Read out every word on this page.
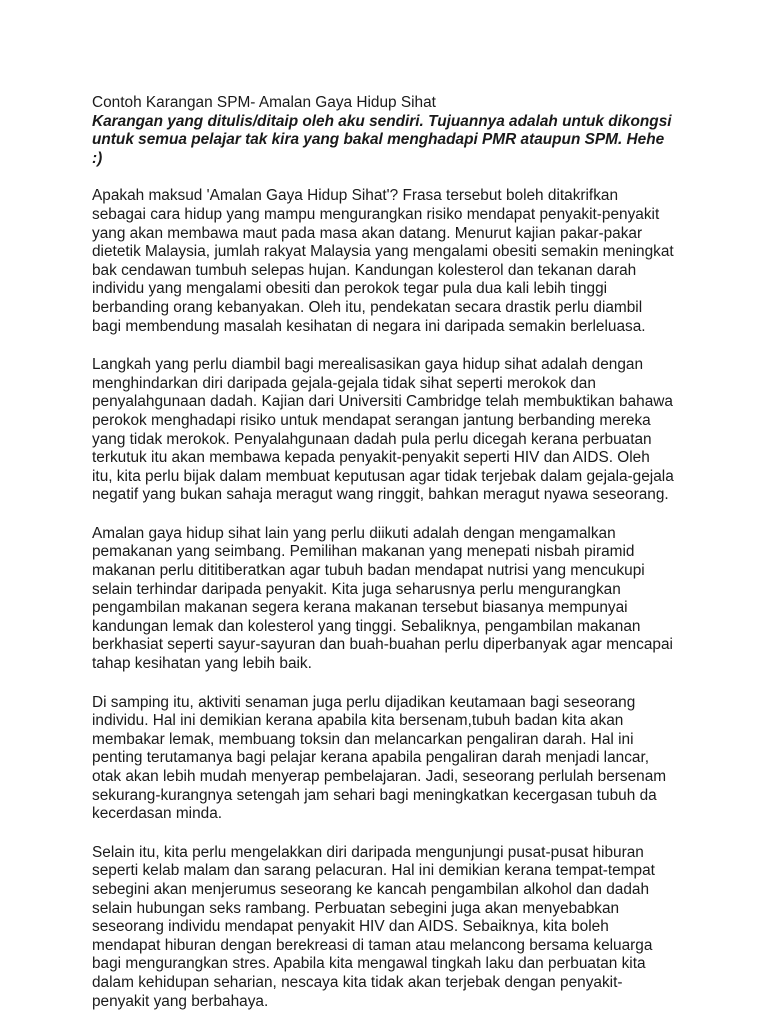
Contoh Karangan SPM- Amalan Gaya Hidup Sihat
Karangan yang ditulis/ditaip oleh aku sendiri. Tujuannya adalah untuk dikongsi
untuk semua pelajar tak kira yang bakal menghadapi PMR ataupun SPM. Hehe
:)
Apakah maksud 'Amalan Gaya Hidup Sihat'? Frasa tersebut boleh ditakrifkan
sebagai cara hidup yang mampu mengurangkan risiko mendapat penyakit-penyakit
yang akan membawa maut pada masa akan datang. Menurut kajian pakar-pakar
dietetik Malaysia, jumlah rakyat Malaysia yang mengalami obesiti semakin meningkat
bak cendawan tumbuh selepas hujan. Kandungan kolesterol dan tekanan darah
individu yang mengalami obesiti dan perokok tegar pula dua kali lebih tinggi
berbanding orang kebanyakan. Oleh itu, pendekatan secara drastik perlu diambil
bagi membendung masalah kesihatan di negara ini daripada semakin berleluasa.
Langkah yang perlu diambil bagi merealisasikan gaya hidup sihat adalah dengan
menghindarkan diri daripada gejala-gejala tidak sihat seperti merokok dan
penyalahgunaan dadah. Kajian dari Universiti Cambridge telah membuktikan bahawa
perokok menghadapi risiko untuk mendapat serangan jantung berbanding mereka
yang tidak merokok. Penyalahgunaan dadah pula perlu dicegah kerana perbuatan
terkutuk itu akan membawa kepada penyakit-penyakit seperti HIV dan AIDS. Oleh
itu, kita perlu bijak dalam membuat keputusan agar tidak terjebak dalam gejala-gejala
negatif yang bukan sahaja meragut wang ringgit, bahkan meragut nyawa seseorang.
Amalan gaya hidup sihat lain yang perlu diikuti adalah dengan mengamalkan
pemakanan yang seimbang. Pemilihan makanan yang menepati nisbah piramid
makanan perlu dititiberatkan agar tubuh badan mendapat nutrisi yang mencukupi
selain terhindar daripada penyakit. Kita juga seharusnya perlu mengurangkan
pengambilan makanan segera kerana makanan tersebut biasanya mempunyai
kandungan lemak dan kolesterol yang tinggi. Sebaliknya, pengambilan makanan
berkhasiat seperti sayur-sayuran dan buah-buahan perlu diperbanyak agar mencapai
tahap kesihatan yang lebih baik.
Di samping itu, aktiviti senaman juga perlu dijadikan keutamaan bagi seseorang
individu. Hal ini demikian kerana apabila kita bersenam,tubuh badan kita akan
membakar lemak, membuang toksin dan melancarkan pengaliran darah. Hal ini
penting terutamanya bagi pelajar kerana apabila pengaliran darah menjadi lancar,
otak akan lebih mudah menyerap pembelajaran. Jadi, seseorang perlulah bersenam
sekurang-kurangnya setengah jam sehari bagi meningkatkan kecergasan tubuh da
kecerdasan minda.
Selain itu, kita perlu mengelakkan diri daripada mengunjungi pusat-pusat hiburan
seperti kelab malam dan sarang pelacuran. Hal ini demikian kerana tempat-tempat
sebegini akan menjerumus seseorang ke kancah pengambilan alkohol dan dadah
selain hubungan seks rambang. Perbuatan sebegini juga akan menyebabkan
seseorang individu mendapat penyakit HIV dan AIDS. Sebaiknya, kita boleh
mendapat hiburan dengan berekreasi di taman atau melancong bersama keluarga
bagi mengurangkan stres. Apabila kita mengawal tingkah laku dan perbuatan kita
dalam kehidupan seharian, nescaya kita tidak akan terjebak dengan penyakit-
penyakit yang berbahaya.
